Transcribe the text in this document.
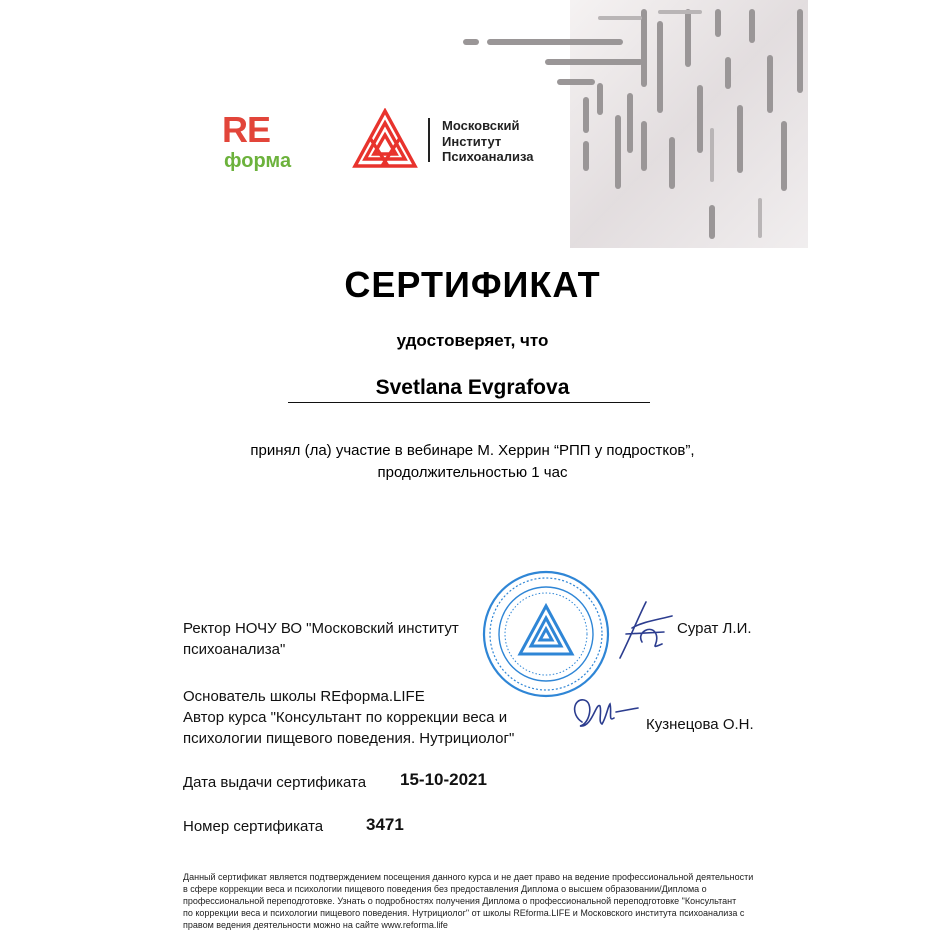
RE
форма
Московский
Институт
Психоанализа
СЕРТИФИКАТ
удостоверяет, что
Svetlana Evgrafova
принял (ла) участие в вебинаре М. Херрин “РПП у подростков”,
продолжительностью 1 час
Ректор НОЧУ ВО "Московский институт
психоанализа"
Сурат Л.И.
Основатель школы REформа.LIFE
Автор курса "Консультант по коррекции веса и
психологии пищевого поведения. Нутрициолог"
Кузнецова О.Н.
Дата выдачи сертификата 15-10-2021
Номер сертификата	3471
Данный сертификат является подтверждением посещения данного курса и не дает право на ведение профессиональной деятельности
в сфере коррекции веса и психологии пищевого поведения без предоставления Диплома о высшем образовании/Диплома о
профессиональной переподготовке. Узнать о подробностях получения Диплома о профессиональной переподготовке "Консультант
по коррекции веса и психологии пищевого поведения. Нутрициолог" от школы REforma.LIFE и Московского института психоанализа с
правом ведения деятельности можно на сайте www.reforma.life
